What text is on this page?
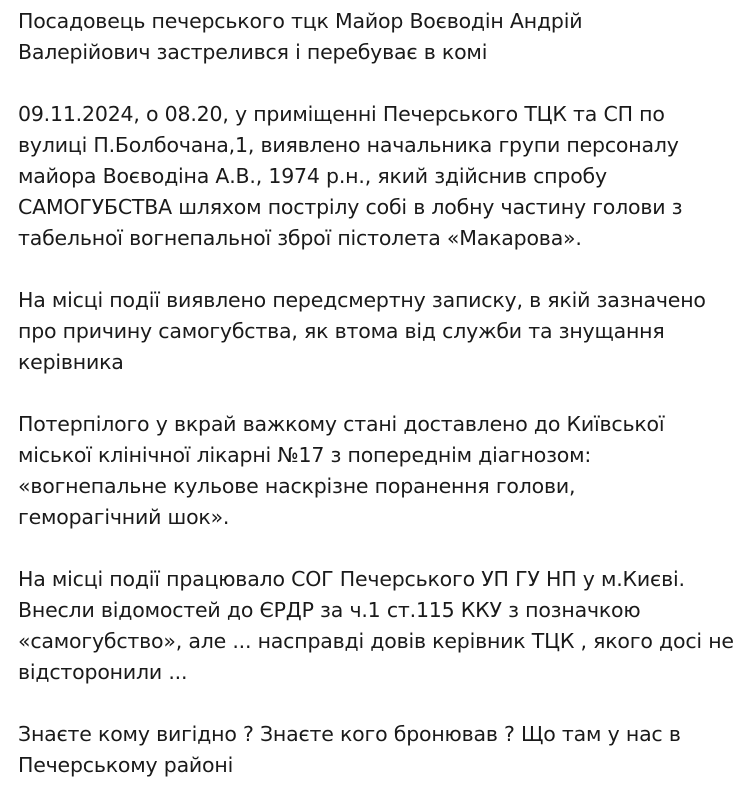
Посадовець печерського тцк Майор Воєводін Андрій
Валерійович застрелився і перебуває в комі
09.11.2024, о 08.20, у приміщенні Печерського ТЦК та СП по
вулиці П.Болбочана,1, виявлено начальника групи персоналу
майора Воєводіна А.В., 1974 р.н., який здійснив спробу
САМОГУБСТВА шляхом пострілу собі в лобну частину голови з
табельної вогнепальної зброї пістолета «Макарова».
На місці події виявлено передсмертну записку, в якій зазначено
про причину самогубства, як втома від служби та знущання
керівника
Потерпілого у вкрай важкому стані доставлено до Київської
міської клінічної лікарні №17 з попереднім діагнозом:
«вогнепальне кульове наскрізне поранення голови,
геморагічний шок».
На місці події працювало СОГ Печерського УП ГУ НП у м.Києві.
Внесли відомостей до ЄРДР за ч.1 ст.115 ККУ з позначкою
«самогубство», але ... насправді довів керівник ТЦК , якого досі не
відсторонили ...
Знаєте кому вигідно ? Знаєте кого бронював ? Що там у нас в
Печерському районі
